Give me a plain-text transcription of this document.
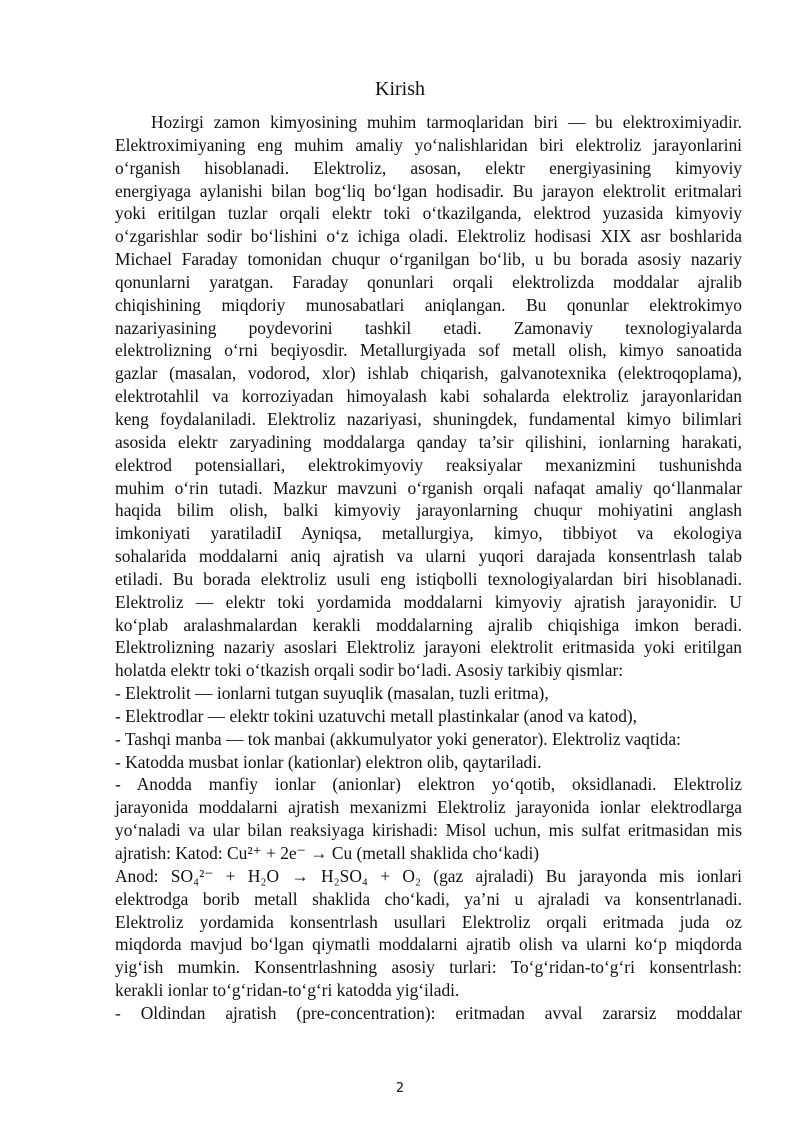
Kirish

Hozirgi zamon kimyosining muhim tarmoqlaridan biri — bu elektroximiyadir.

Elektroximiyaning eng muhim amaliy yo‘nalishlaridan biri elektroliz jarayonlarini

o‘rganish hisoblanadi. Elektroliz, asosan, elektr energiyasining kimyoviy

energiyaga aylanishi bilan bog‘liq bo‘lgan hodisadir. Bu jarayon elektrolit eritmalari

yoki eritilgan tuzlar orqali elektr toki o‘tkazilganda, elektrod yuzasida kimyoviy

o‘zgarishlar sodir bo‘lishini o‘z ichiga oladi. Elektroliz hodisasi XIX asr boshlarida

Michael Faraday tomonidan chuqur o‘rganilgan bo‘lib, u bu borada asosiy nazariy

qonunlarni yaratgan. Faraday qonunlari orqali elektrolizda moddalar ajralib

chiqishining miqdoriy munosabatlari aniqlangan. Bu qonunlar elektrokimyo

nazariyasining poydevorini tashkil etadi. Zamonaviy texnologiyalarda

elektrolizning o‘rni beqiyosdir. Metallurgiyada sof metall olish, kimyo sanoatida

gazlar (masalan, vodorod, xlor) ishlab chiqarish, galvanotexnika (elektroqoplama),

elektrotahlil va korroziyadan himoyalash kabi sohalarda elektroliz jarayonlaridan

keng foydalaniladi. Elektroliz nazariyasi, shuningdek, fundamental kimyo bilimlari

asosida elektr zaryadining moddalarga qanday ta’sir qilishini, ionlarning harakati,

elektrod potensiallari, elektrokimyoviy reaksiyalar mexanizmini tushunishda

muhim o‘rin tutadi. Mazkur mavzuni o‘rganish orqali nafaqat amaliy qo‘llanmalar

haqida bilim olish, balki kimyoviy jarayonlarning chuqur mohiyatini anglash

imkoniyati yaratiladiI Ayniqsa, metallurgiya, kimyo, tibbiyot va ekologiya

sohalarida moddalarni aniq ajratish va ularni yuqori darajada konsentrlash talab

etiladi. Bu borada elektroliz usuli eng istiqbolli texnologiyalardan biri hisoblanadi.

Elektroliz — elektr toki yordamida moddalarni kimyoviy ajratish jarayonidir. U

ko‘plab aralashmalardan kerakli moddalarning ajralib chiqishiga imkon beradi.

Elektrolizning nazariy asoslari Elektroliz jarayoni elektrolit eritmasida yoki eritilgan

holatda elektr toki o‘tkazish orqali sodir bo‘ladi. Asosiy tarkibiy qismlar:

- Elektrolit — ionlarni tutgan suyuqlik (masalan, tuzli eritma),

- Elektrodlar — elektr tokini uzatuvchi metall plastinkalar (anod va katod),

- Tashqi manba — tok manbai (akkumulyator yoki generator). Elektroliz vaqtida:

- Katodda musbat ionlar (kationlar) elektron olib, qaytariladi.

- Anodda manfiy ionlar (anionlar) elektron yo‘qotib, oksidlanadi. Elektroliz

jarayonida moddalarni ajratish mexanizmi Elektroliz jarayonida ionlar elektrodlarga

yo‘naladi va ular bilan reaksiyaga kirishadi: Misol uchun, mis sulfat eritmasidan mis

ajratish: Katod: Cu²⁺ + 2e⁻ → Cu (metall shaklida cho‘kadi)

Anod: SO₄²⁻ + H₂O → H₂SO₄ + O₂ (gaz ajraladi) Bu jarayonda mis ionlari

elektrodga borib metall shaklida cho‘kadi, ya’ni u ajraladi va konsentrlanadi.

Elektroliz yordamida konsentrlash usullari Elektroliz orqali eritmada juda oz

miqdorda mavjud bo‘lgan qiymatli moddalarni ajratib olish va ularni ko‘p miqdorda

yig‘ish mumkin. Konsentrlashning asosiy turlari: To‘g‘ridan-to‘g‘ri konsentrlash:

kerakli ionlar to‘g‘ridan-to‘g‘ri katodda yig‘iladi.

- Oldindan ajratish (pre-concentration): eritmadan avval zararsiz moddalar

2
